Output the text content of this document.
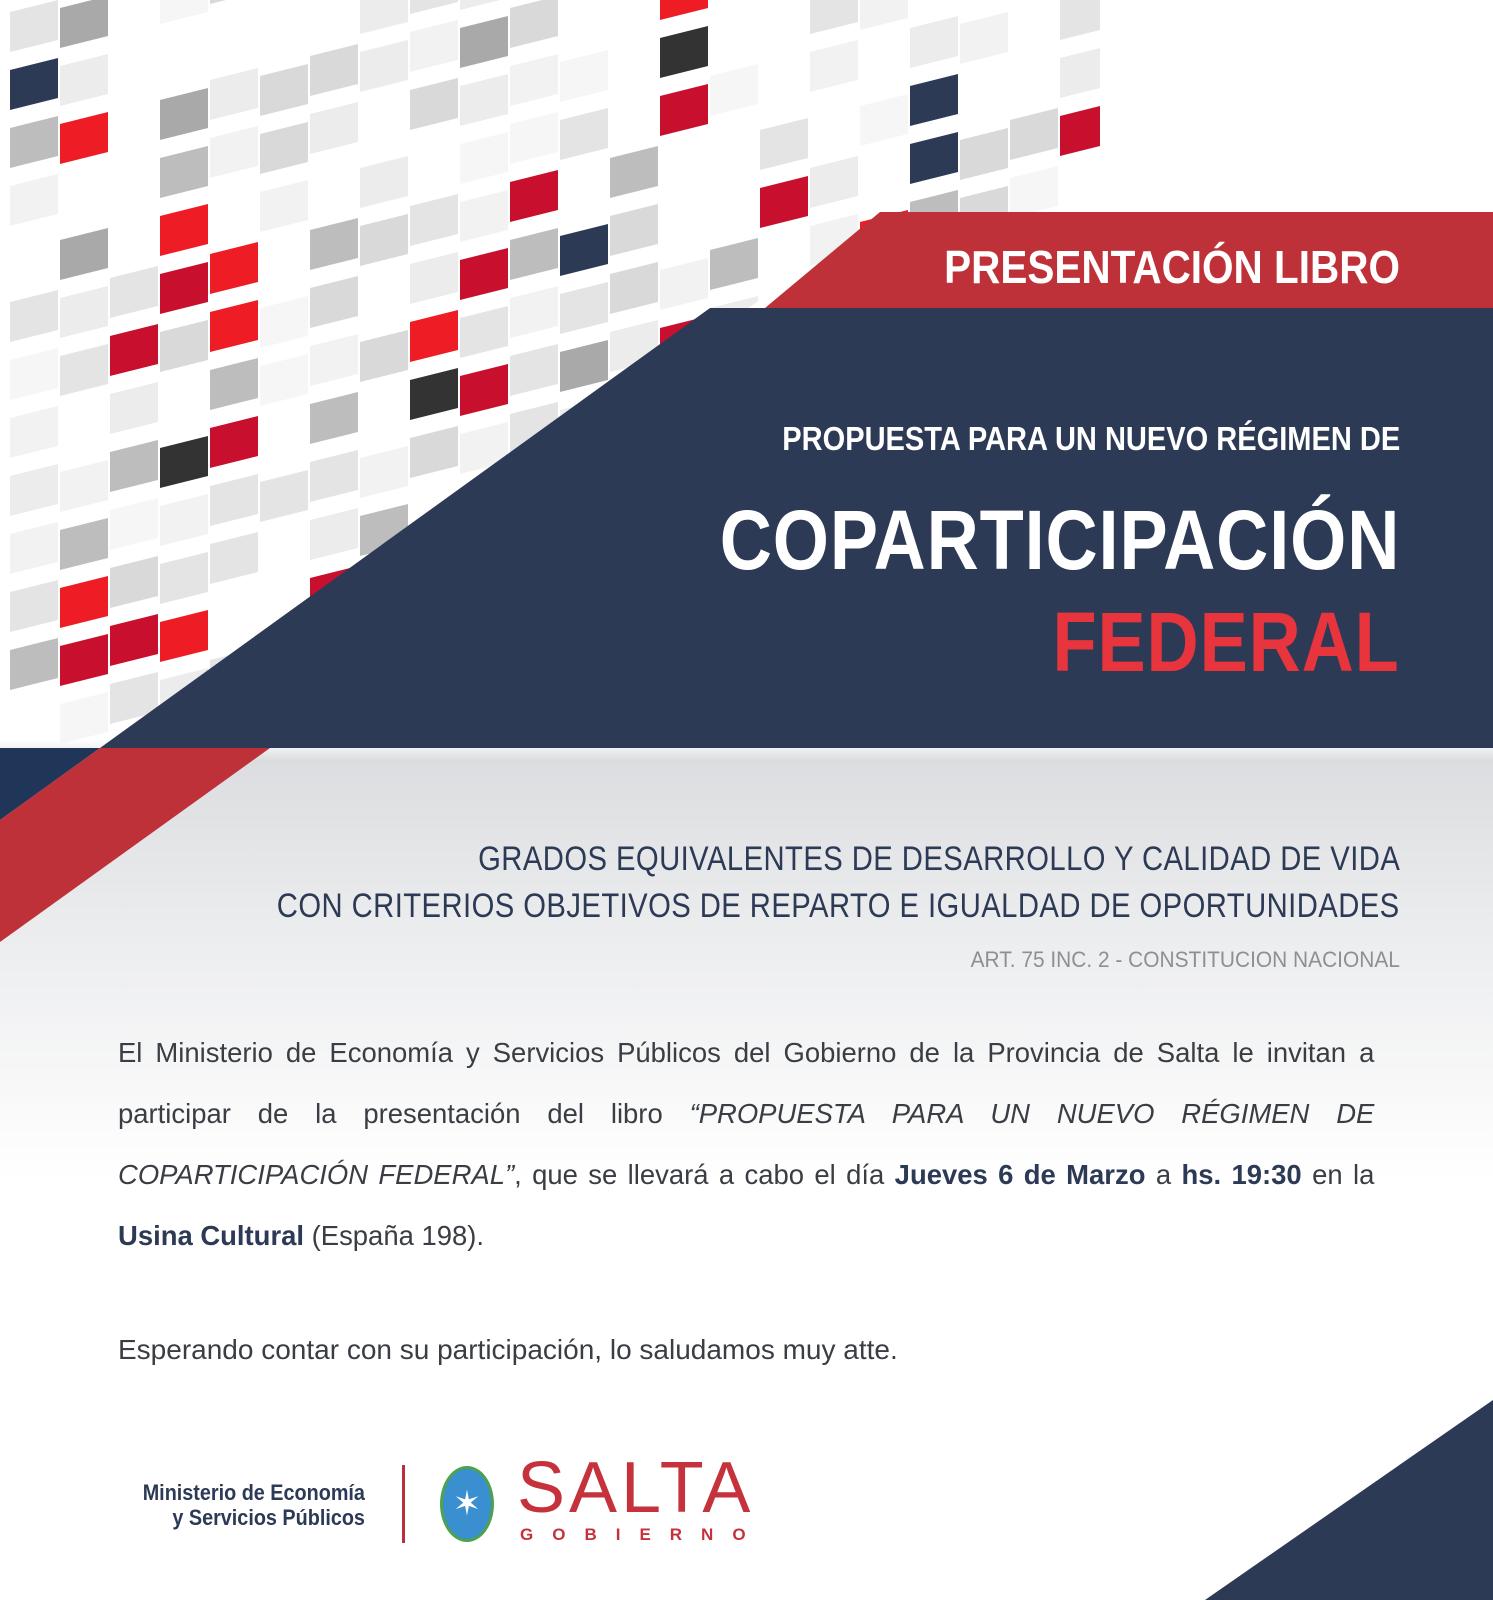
PRESENTACIÓN LIBRO
PROPUESTA PARA UN NUEVO RÉGIMEN DE
COPARTICIPACIÓN
FEDERAL
GRADOS EQUIVALENTES DE DESARROLLO Y CALIDAD DE VIDA
CON CRITERIOS OBJETIVOS DE REPARTO E IGUALDAD DE OPORTUNIDADES
ART. 75 INC. 2 - CONSTITUCION NACIONAL

El Ministerio de Economía y Servicios Públicos del Gobierno de la Provincia de Salta le invitan a participar de la presentación del libro “PROPUESTA PARA UN NUEVO RÉGIMEN DE COPARTICIPACIÓN FEDERAL”, que se llevará a cabo el día Jueves 6 de Marzo a hs. 19:30 en la Usina Cultural (España 198).

Esperando contar con su participación, lo saludamos muy atte.

Ministerio de Economía
y Servicios Públicos	✶ SALTA
GOBIERNO
